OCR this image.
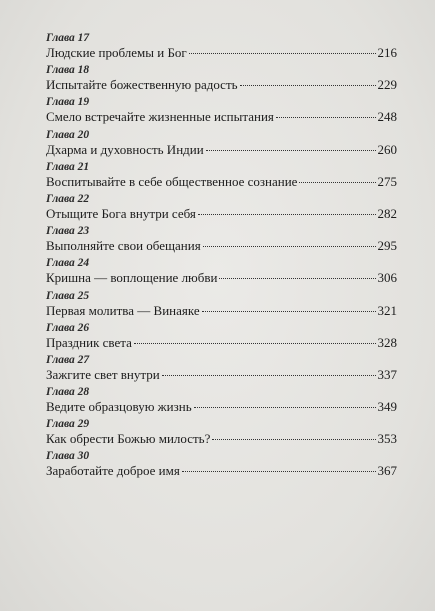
Глава 17
Людские проблемы и Бог	216
Глава 18
Испытайте божественную радость	229
Глава 19
Смело встречайте жизненные испытания	248
Глава 20
Дхарма и духовность Индии	260
Глава 21
Воспитывайте в себе общественное сознание	275
Глава 22
Отыщите Бога внутри себя	282
Глава 23
Выполняйте свои обещания	295
Глава 24
Кришна — воплощение любви	306
Глава 25
Первая молитва — Винаяке	321
Глава 26
Праздник света	328
Глава 27
Зажгите свет внутри	337
Глава 28
Ведите образцовую жизнь	349
Глава 29
Как обрести Божью милость?	353
Глава 30
Заработайте доброе имя	367
